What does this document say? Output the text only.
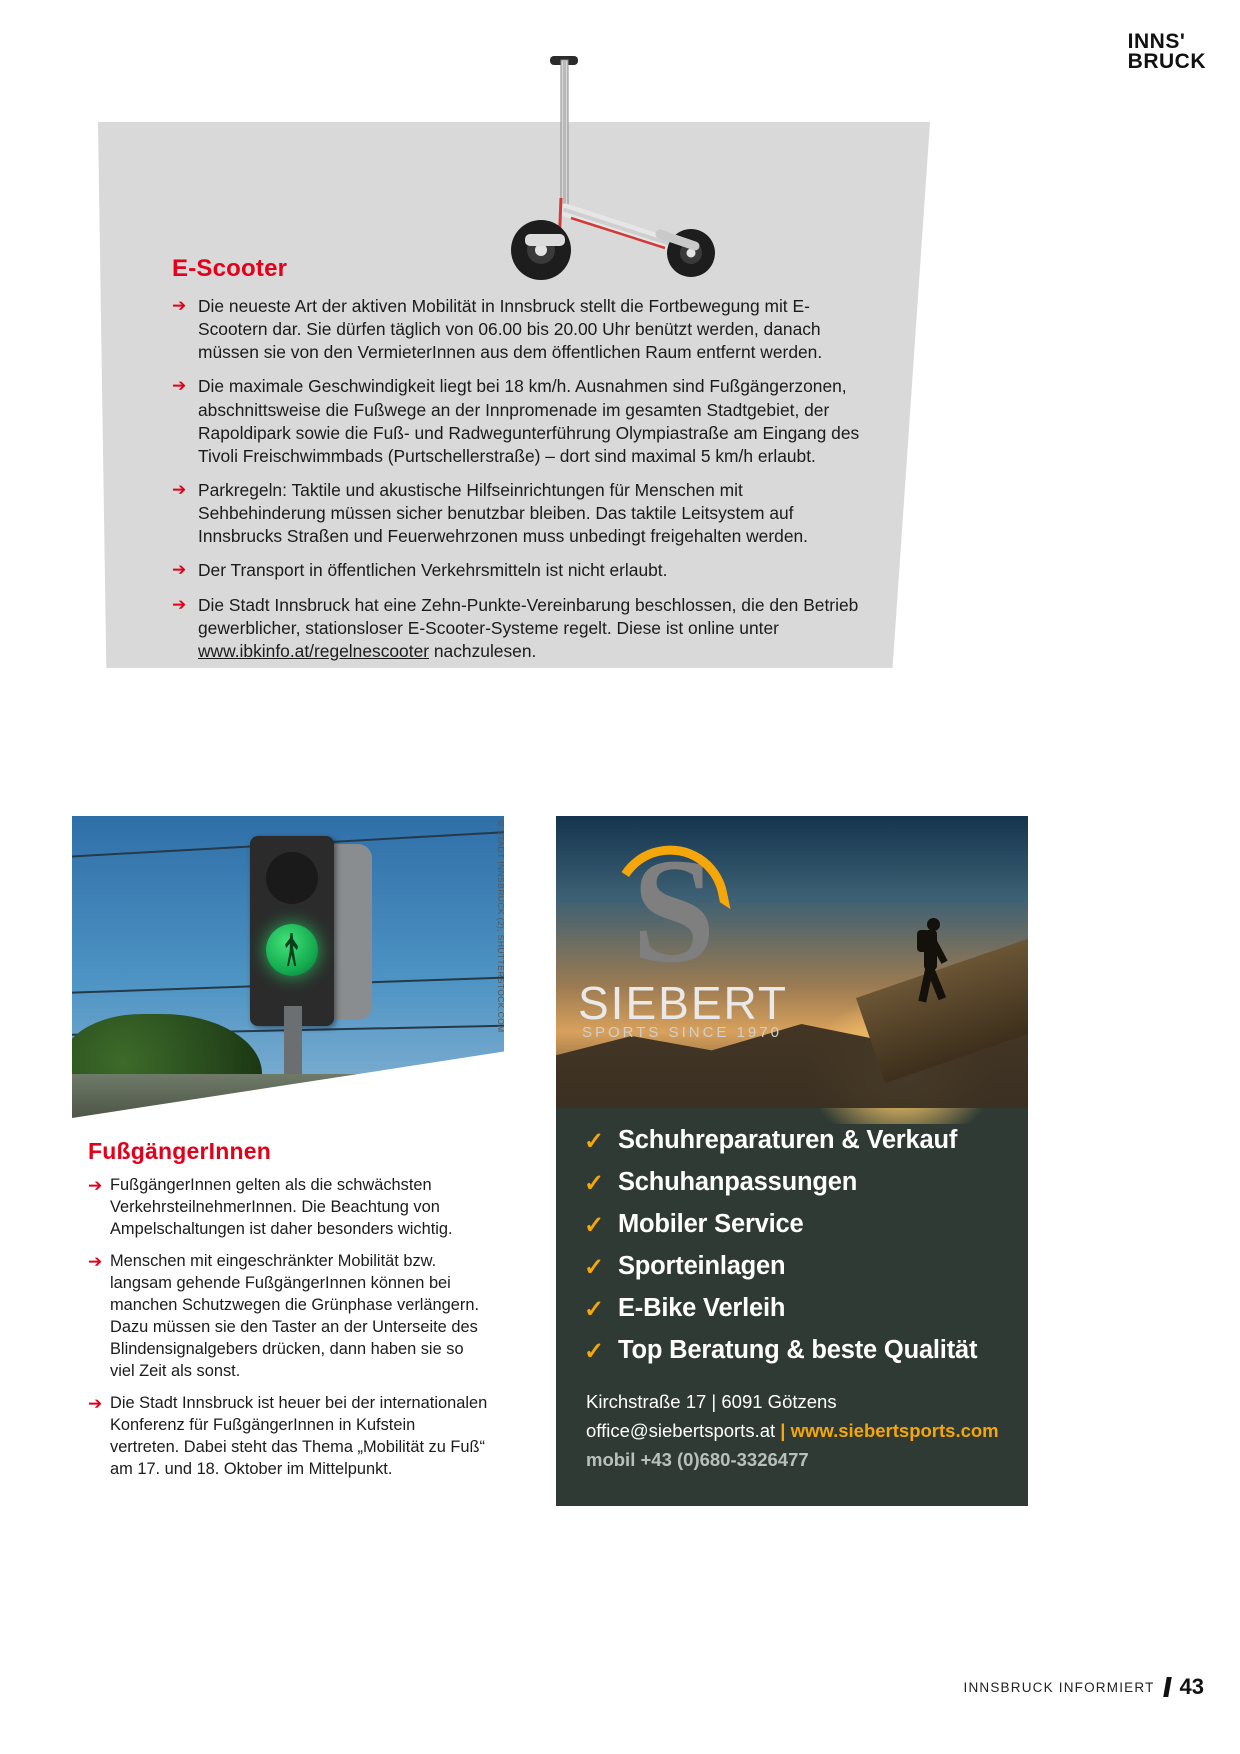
INNS'
BRUCK
E-Scooter
➔ Die neueste Art der aktiven Mobilität in Innsbruck stellt die Fortbewegung mit E-Scootern dar. Sie dürfen täglich von 06.00 bis 20.00 Uhr benützt werden, danach müssen sie von den VermieterInnen aus dem öffentlichen Raum entfernt werden.
➔ Die maximale Geschwindigkeit liegt bei 18 km/h. Ausnahmen sind Fußgängerzonen, abschnittsweise die Fußwege an der Innpromenade im gesamten Stadtgebiet, der Rapoldipark sowie die Fuß- und Radwegunterführung Olympiastraße am Eingang des Tivoli Freischwimmbads (Purtschellerstraße) – dort sind maximal 5 km/h erlaubt.
➔ Parkregeln: Taktile und akustische Hilfseinrichtungen für Menschen mit Sehbehinderung müssen sicher benutzbar bleiben. Das taktile Leitsystem auf Innsbrucks Straßen und Feuerwehrzonen muss unbedingt freigehalten werden.
➔ Der Transport in öffentlichen Verkehrsmitteln ist nicht erlaubt.
➔ Die Stadt Innsbruck hat eine Zehn-Punkte-Vereinbarung beschlossen, die den Betrieb gewerblicher, stationsloser E-Scooter-Systeme regelt. Diese ist online unter www.ibkinfo.at/regelnescooter nachzulesen.
© STADT INNSBRUCK (2), SHUTTERSTOCK.COM
FußgängerInnen
➔ FußgängerInnen gelten als die schwächsten VerkehrsteilnehmerInnen. Die Beachtung von Ampelschaltungen ist daher besonders wichtig.
➔ Menschen mit eingeschränkter Mobilität bzw. langsam gehende FußgängerInnen können bei manchen Schutzwegen die Grünphase verlängern. Dazu müssen sie den Taster an der Unterseite des Blindensignalgebers drücken, dann haben sie so viel Zeit als sonst.
➔ Die Stadt Innsbruck ist heuer bei der internationalen Konferenz für FußgängerInnen in Kufstein vertreten. Dabei steht das Thema „Mobilität zu Fuß“ am 17. und 18. Oktober im Mittelpunkt.
S
SIEBERT
SPORTS SINCE 1970
✓ Schuhreparaturen & Verkauf
✓ Schuhanpassungen
✓ Mobiler Service
✓ Sporteinlagen
✓ E-Bike Verleih
✓ Top Beratung & beste Qualität
Kirchstraße 17 | 6091 Götzens
office@siebertsports.at | www.siebertsports.com
mobil +43 (0)680-3326477
INNSBRUCK INFORMIERT 43
